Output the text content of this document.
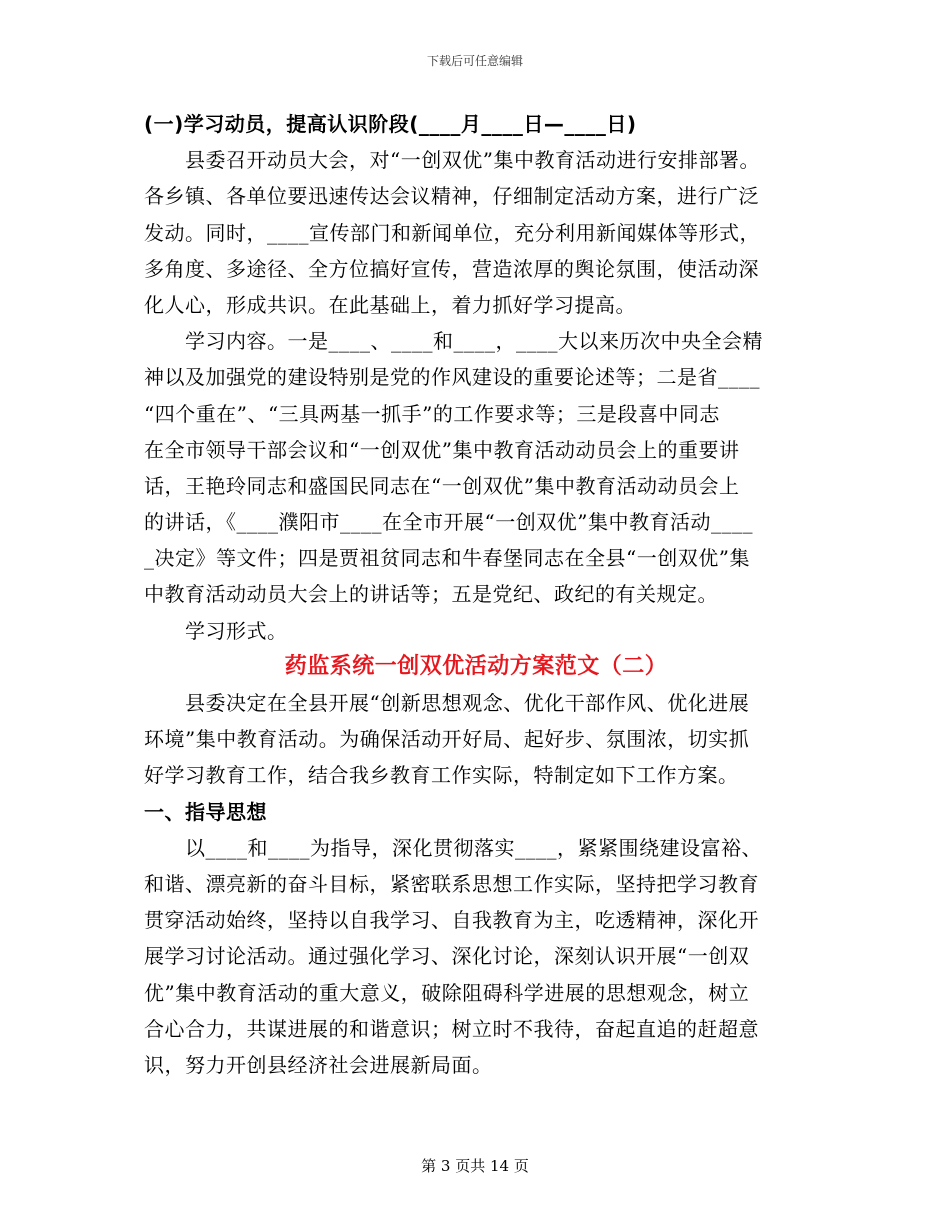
下载后可任意编辑
(一)学习动员，提高认识阶段(____月____日—____日)
县委召开动员大会，对“一创双优”集中教育活动进行安排部署。
各乡镇、各单位要迅速传达会议精神，仔细制定活动方案，进行广泛
发动。同时，____宣传部门和新闻单位，充分利用新闻媒体等形式，
多角度、多途径、全方位搞好宣传，营造浓厚的舆论氛围，使活动深
化人心，形成共识。在此基础上，着力抓好学习提高。
学习内容。一是____、____和____，____大以来历次中央全会精
神以及加强党的建设特别是党的作风建设的重要论述等；二是省____
“四个重在”、“三具两基一抓手”的工作要求等；三是段喜中同志
在全市领导干部会议和“一创双优”集中教育活动动员会上的重要讲
话，王艳玲同志和盛国民同志在“一创双优”集中教育活动动员会上
的讲话，《____濮阳市____在全市开展“一创双优”集中教育活动____
_决定》等文件；四是贾祖贫同志和牛春堡同志在全县“一创双优”集
中教育活动动员大会上的讲话等；五是党纪、政纪的有关规定。
学习形式。
药监系统一创双优活动方案范文（二）
县委决定在全县开展“创新思想观念、优化干部作风、优化进展
环境”集中教育活动。为确保活动开好局、起好步、氛围浓，切实抓
好学习教育工作，结合我乡教育工作实际，特制定如下工作方案。
一、指导思想
以____和____为指导，深化贯彻落实____，紧紧围绕建设富裕、
和谐、漂亮新的奋斗目标，紧密联系思想工作实际，坚持把学习教育
贯穿活动始终，坚持以自我学习、自我教育为主，吃透精神，深化开
展学习讨论活动。通过强化学习、深化讨论，深刻认识开展“一创双
优”集中教育活动的重大意义，破除阻碍科学进展的思想观念，树立
合心合力，共谋进展的和谐意识；树立时不我待，奋起直追的赶超意
识，努力开创县经济社会进展新局面。
第 3 页共 14 页
